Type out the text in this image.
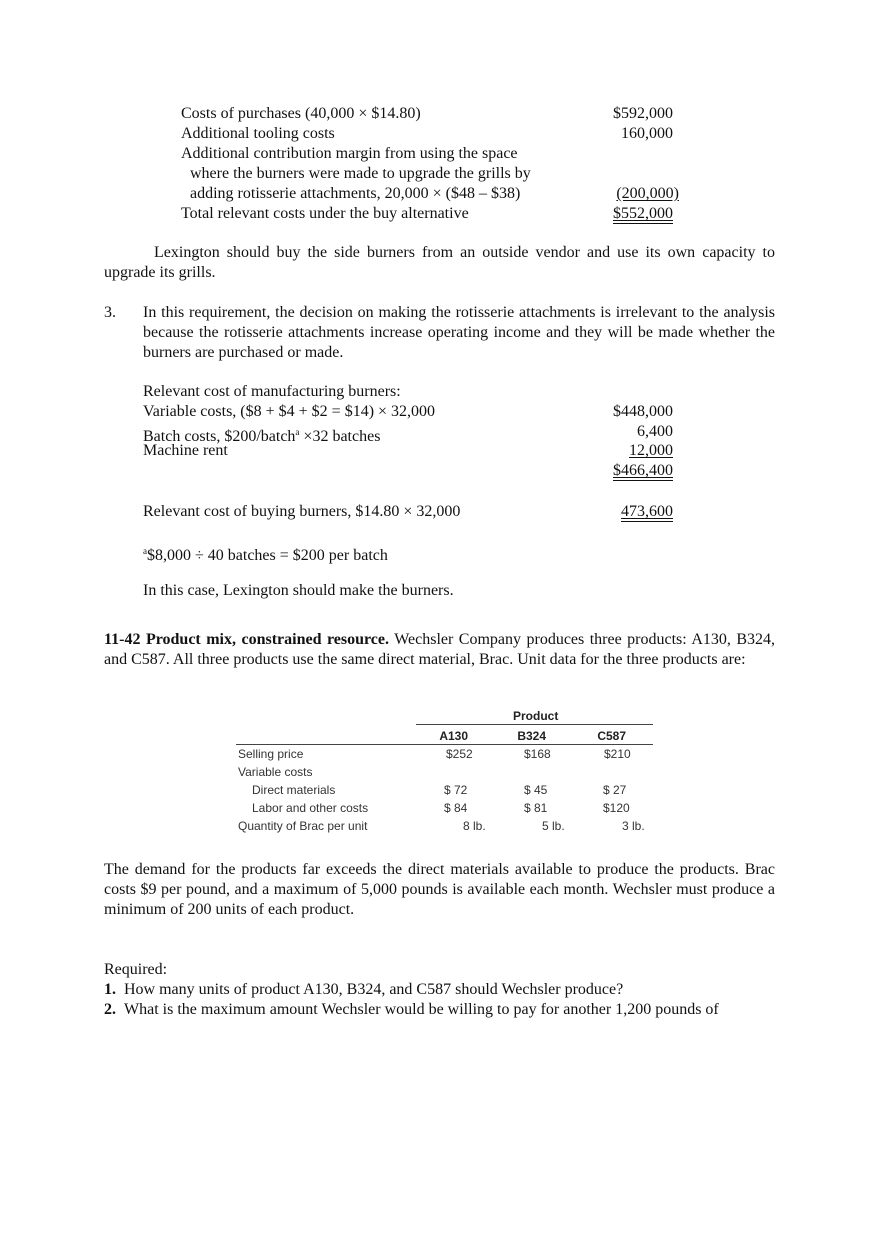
Costs of purchases (40,000 × $14.80)	$592,000
Additional tooling costs	160,000
Additional contribution margin from using the space
where the burners were made to upgrade the grills by
adding rotisserie attachments, 20,000 × ($48 – $38)	(200,000)
Total relevant costs under the buy alternative	$552,000
Lexington should buy the side burners from an outside vendor and use its own capacity to upgrade its grills.
3. In this requirement, the decision on making the rotisserie attachments is irrelevant to the analysis because the rotisserie attachments increase operating income and they will be made whether the burners are purchased or made.
Relevant cost of manufacturing burners:
Variable costs, ($8 + $4 + $2 = $14) × 32,000	$448,000
Batch costs, $200/batch$^a$ ×32 batches	6,400
Machine rent	12,000
$466,400
Relevant cost of buying burners, $14.80 × 32,000	473,600
$^a$\$8,000 ÷ 40 batches = $200 per batch
In this case, Lexington should make the burners.
11-42 Product mix, constrained resource. Wechsler Company produces three products: A130, B324, and C587. All three products use the same direct material, Brac. Unit data for the three products are:
Product
A130	B324	C587
Selling price	$252	$168	$210
Variable costs
Direct materials	$ 72	$ 45	$ 27
Labor and other costs	$ 84	$ 81	$120
Quantity of Brac per unit	8 lb.	5 lb.	3 lb.
The demand for the products far exceeds the direct materials available to produce the products. Brac costs $9 per pound, and a maximum of 5,000 pounds is available each month. Wechsler must produce a minimum of 200 units of each product.
Required:
1. How many units of product A130, B324, and C587 should Wechsler produce?
2. What is the maximum amount Wechsler would be willing to pay for another 1,200 pounds of
